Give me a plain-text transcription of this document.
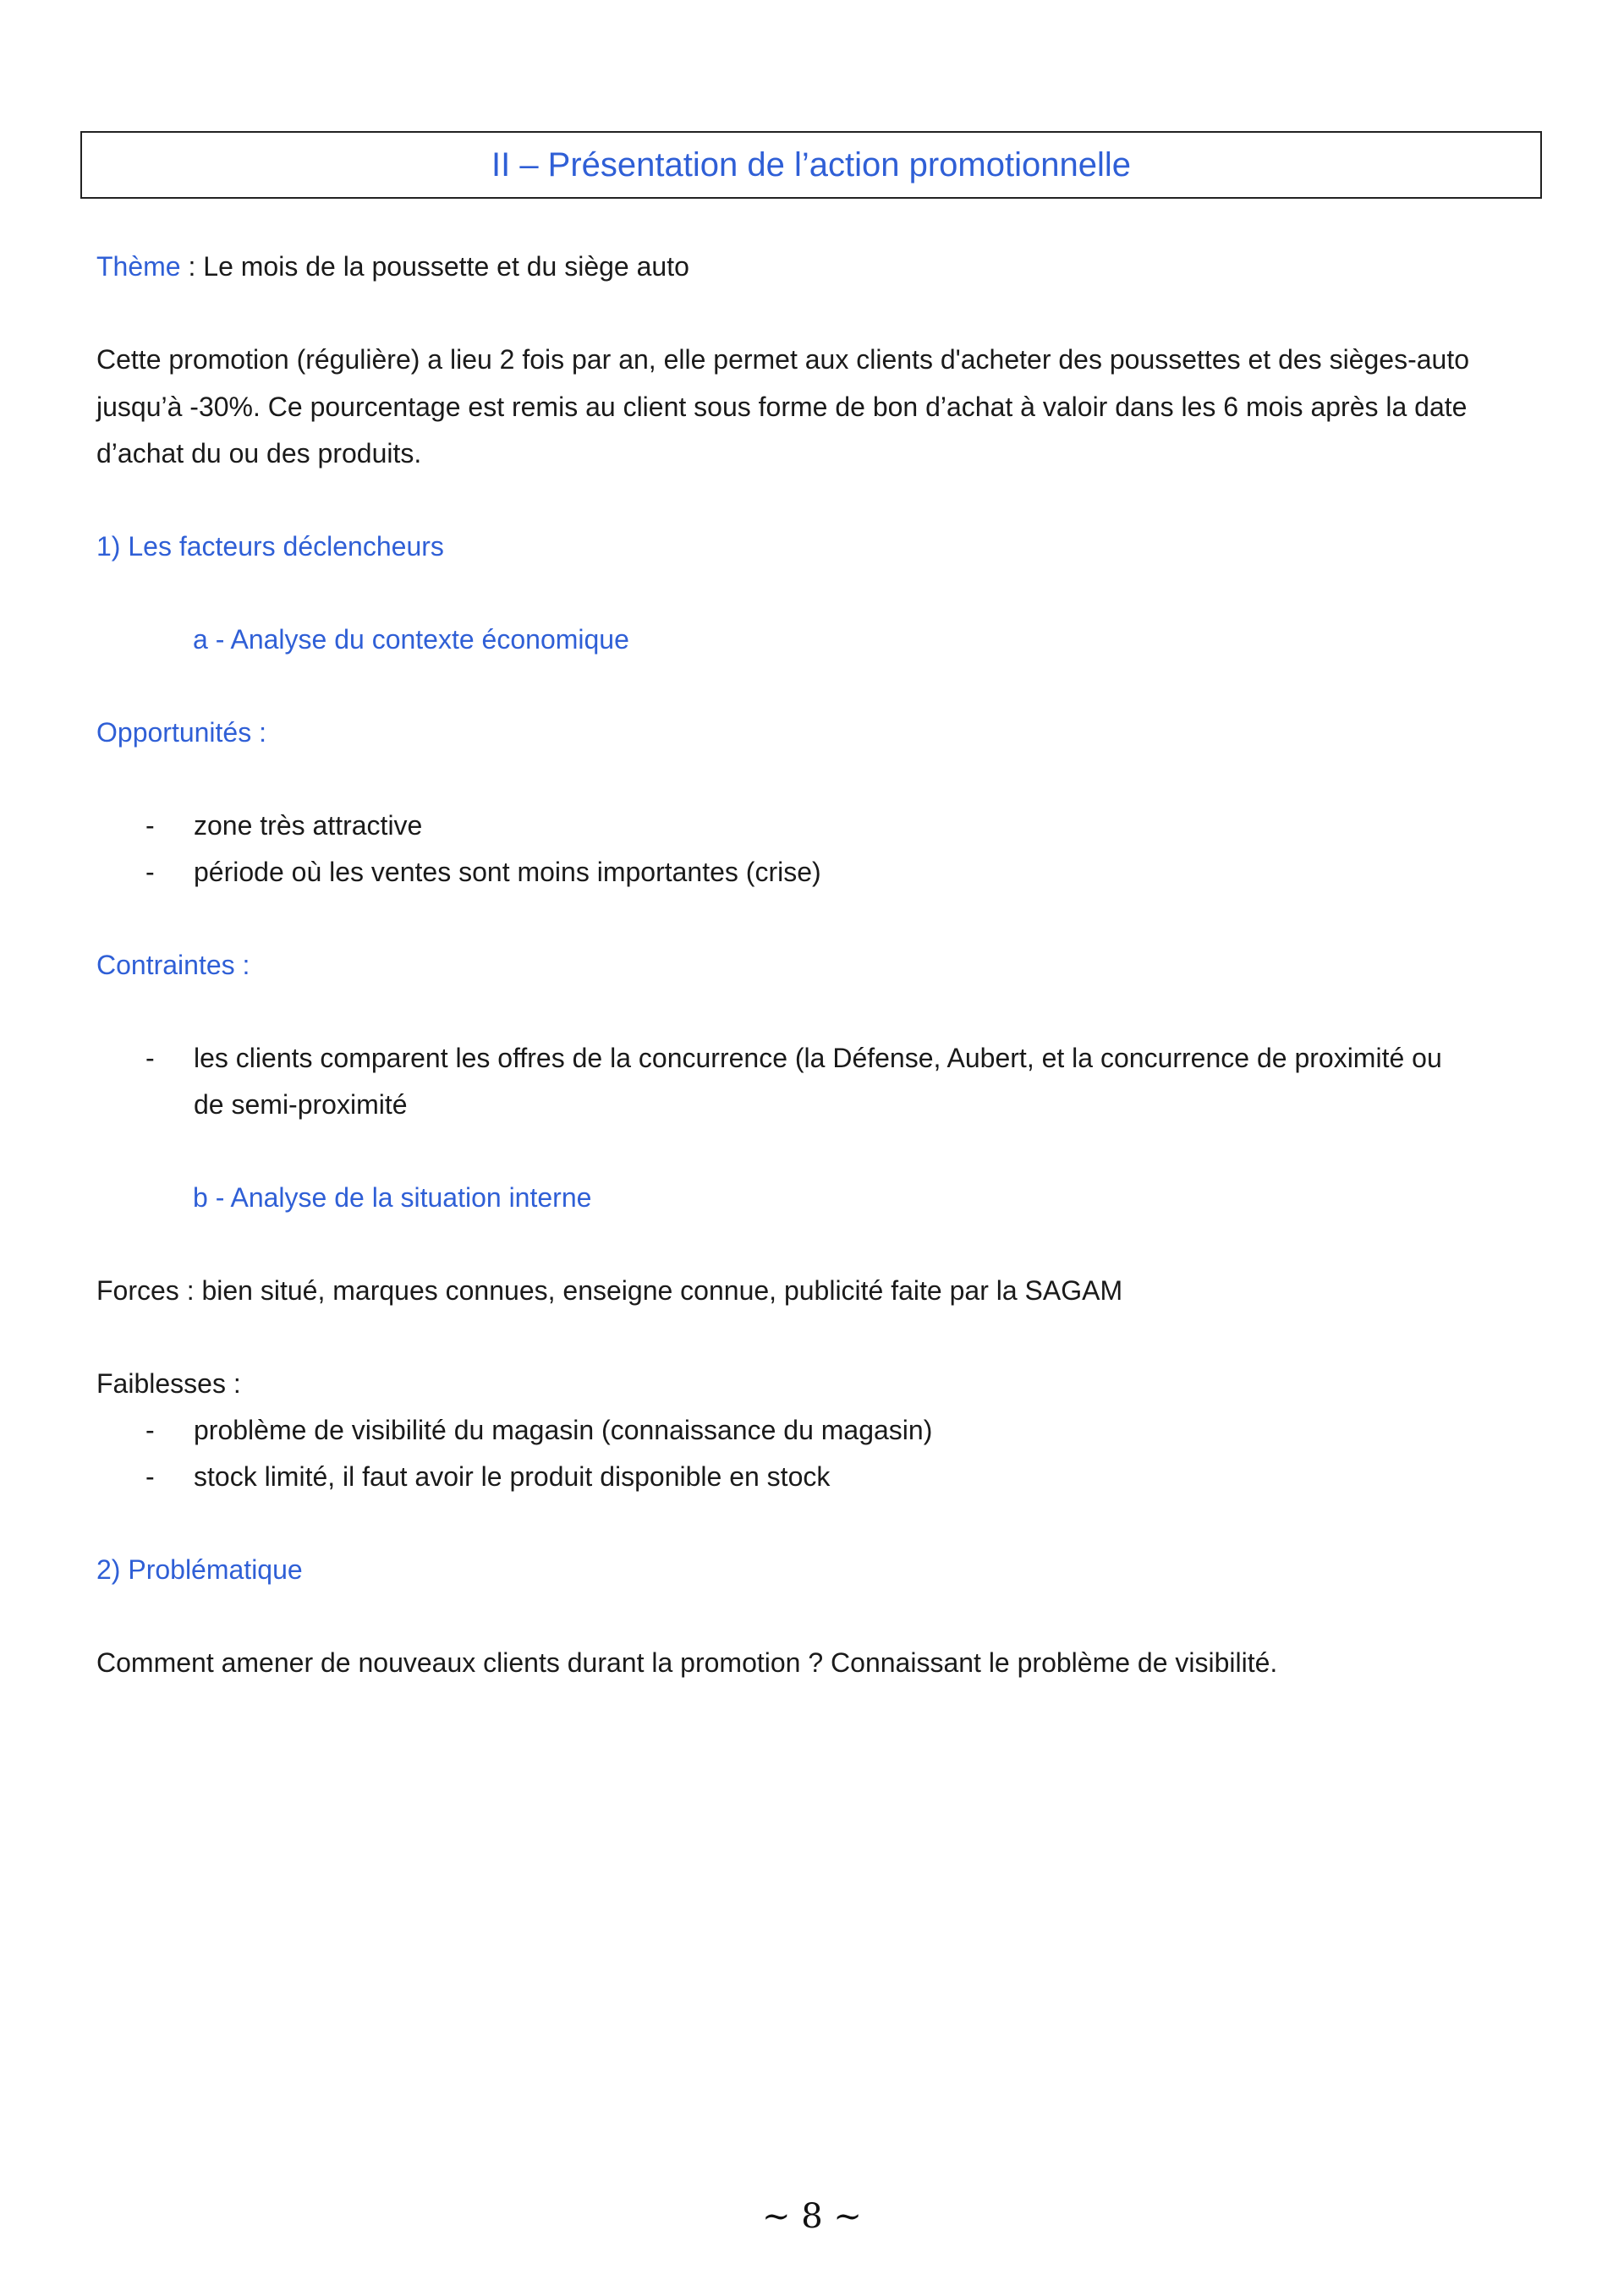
II – Présentation de l’action promotionnelle
Thème : Le mois de la poussette et du siège auto
Cette promotion (régulière) a lieu 2 fois par an, elle permet aux clients d'acheter des poussettes et des sièges-auto
jusqu’à -30%. Ce pourcentage est remis au client sous forme de bon d’achat à valoir dans les 6 mois après la date
d’achat du ou des produits.
1) Les facteurs déclencheurs
a - Analyse du contexte économique
Opportunités :
-	zone très attractive
-	période où les ventes sont moins importantes (crise)
Contraintes :
-	les clients comparent les offres de la concurrence (la Défense, Aubert, et la concurrence de proximité ou
de semi-proximité
b - Analyse de la situation interne
Forces : bien situé, marques connues, enseigne connue, publicité faite par la SAGAM
Faiblesses :
-	problème de visibilité du magasin (connaissance du magasin)
-	stock limité, il faut avoir le produit disponible en stock
2) Problématique
Comment amener de nouveaux clients durant la promotion ? Connaissant le problème de visibilité.
~ 8 ~
